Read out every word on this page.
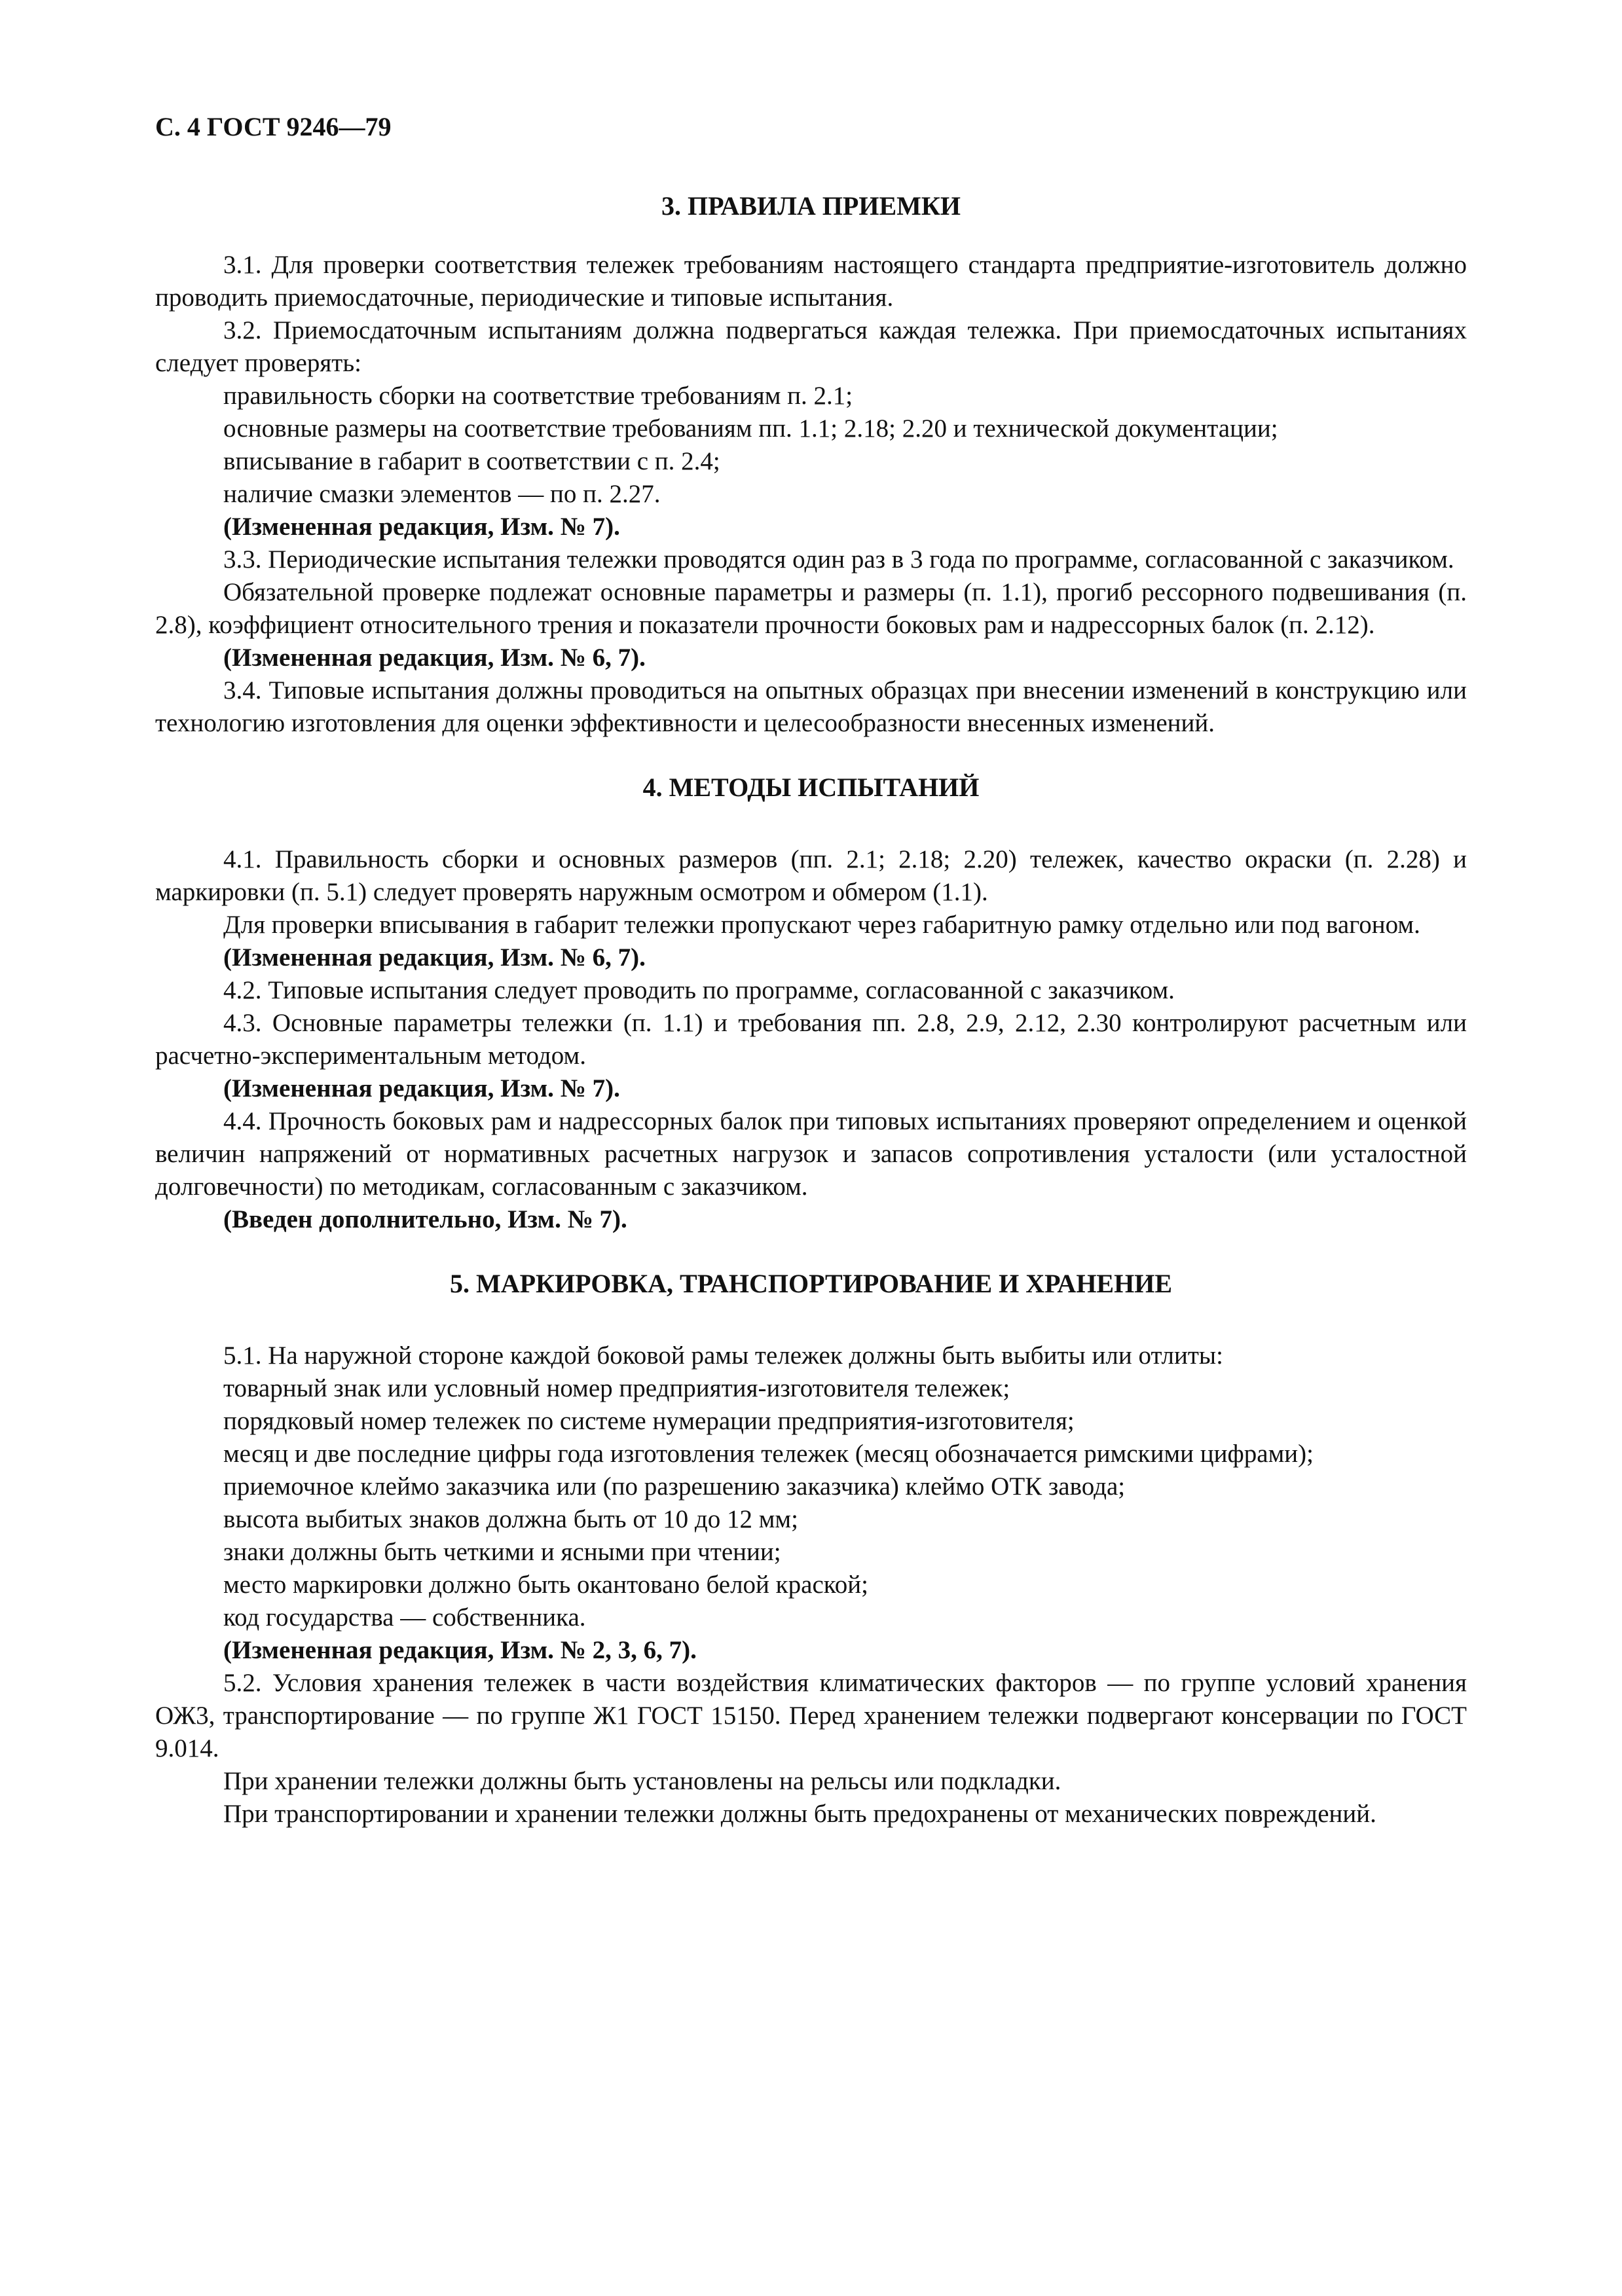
С. 4 ГОСТ 9246—79
3. ПРАВИЛА ПРИЕМКИ

3.1. Для проверки соответствия тележек требованиям настоящего стандарта предприятие-изготовитель должно проводить приемосдаточные, периодические и типовые испытания.

3.2. Приемосдаточным испытаниям должна подвергаться каждая тележка. При приемосдаточных испытаниях следует проверять:

правильность сборки на соответствие требованиям п. 2.1;

основные размеры на соответствие требованиям пп. 1.1; 2.18; 2.20 и технической документации;

вписывание в габарит в соответствии с п. 2.4;

наличие смазки элементов — по п. 2.27.

(Измененная редакция, Изм. № 7).

3.3. Периодические испытания тележки проводятся один раз в 3 года по программе, согласованной с заказчиком.

Обязательной проверке подлежат основные параметры и размеры (п. 1.1), прогиб рессорного подвешивания (п. 2.8), коэффициент относительного трения и показатели прочности боковых рам и надрессорных балок (п. 2.12).

(Измененная редакция, Изм. № 6, 7).

3.4. Типовые испытания должны проводиться на опытных образцах при внесении изменений в конструкцию или технологию изготовления для оценки эффективности и целесообразности внесенных изменений.

4. МЕТОДЫ ИСПЫТАНИЙ

4.1. Правильность сборки и основных размеров (пп. 2.1; 2.18; 2.20) тележек, качество окраски (п. 2.28) и маркировки (п. 5.1) следует проверять наружным осмотром и обмером (1.1).

Для проверки вписывания в габарит тележки пропускают через габаритную рамку отдельно или под вагоном.

(Измененная редакция, Изм. № 6, 7).

4.2. Типовые испытания следует проводить по программе, согласованной с заказчиком.

4.3. Основные параметры тележки (п. 1.1) и требования пп. 2.8, 2.9, 2.12, 2.30 контролируют расчетным или расчетно-экспериментальным методом.

(Измененная редакция, Изм. № 7).

4.4. Прочность боковых рам и надрессорных балок при типовых испытаниях проверяют определением и оценкой величин напряжений от нормативных расчетных нагрузок и запасов сопротивления усталости (или усталостной долговечности) по методикам, согласованным с заказчиком.

(Введен дополнительно, Изм. № 7).

5. МАРКИРОВКА, ТРАНСПОРТИРОВАНИЕ И ХРАНЕНИЕ

5.1. На наружной стороне каждой боковой рамы тележек должны быть выбиты или отлиты:

товарный знак или условный номер предприятия-изготовителя тележек;

порядковый номер тележек по системе нумерации предприятия-изготовителя;

месяц и две последние цифры года изготовления тележек (месяц обозначается римскими цифрами);

приемочное клеймо заказчика или (по разрешению заказчика) клеймо ОТК завода;

высота выбитых знаков должна быть от 10 до 12 мм;

знаки должны быть четкими и ясными при чтении;

место маркировки должно быть окантовано белой краской;

код государства — собственника.

(Измененная редакция, Изм. № 2, 3, 6, 7).

5.2. Условия хранения тележек в части воздействия климатических факторов — по группе условий хранения ОЖ3, транспортирование — по группе Ж1 ГОСТ 15150. Перед хранением тележки подвергают консервации по ГОСТ 9.014.

При хранении тележки должны быть установлены на рельсы или подкладки.

При транспортировании и хранении тележки должны быть предохранены от механических повреждений.
